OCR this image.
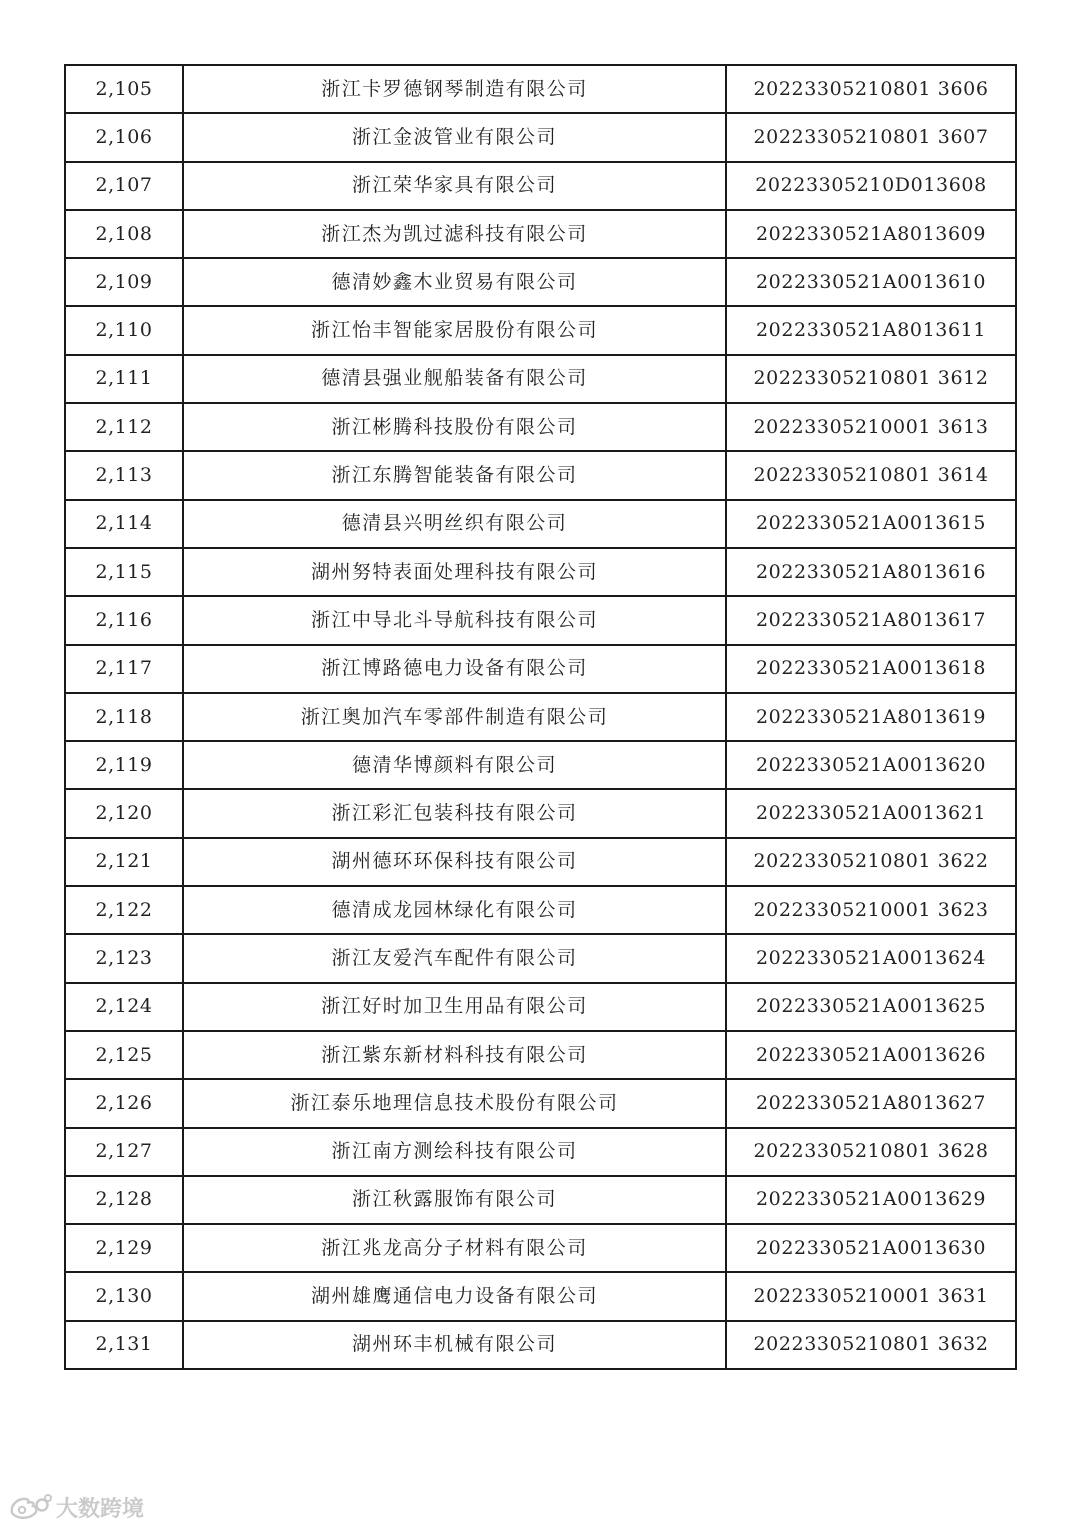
2,105	浙江卡罗德钢琴制造有限公司	20223305210801 3606
2,106	浙江金波管业有限公司	20223305210801 3607
2,107	浙江荣华家具有限公司	20223305210D013608
2,108	浙江杰为凯过滤科技有限公司	2022330521A8013609
2,109	德清妙鑫木业贸易有限公司	2022330521A0013610
2,110	浙江怡丰智能家居股份有限公司	2022330521A8013611
2,111	德清县强业舰船装备有限公司	20223305210801 3612
2,112	浙江彬腾科技股份有限公司	20223305210001 3613
2,113	浙江东腾智能装备有限公司	20223305210801 3614
2,114	德清县兴明丝织有限公司	2022330521A0013615
2,115	湖州努特表面处理科技有限公司	2022330521A8013616
2,116	浙江中导北斗导航科技有限公司	2022330521A8013617
2,117	浙江博路德电力设备有限公司	2022330521A0013618
2,118	浙江奥加汽车零部件制造有限公司	2022330521A8013619
2,119	德清华博颜料有限公司	2022330521A0013620
2,120	浙江彩汇包装科技有限公司	2022330521A0013621
2,121	湖州德环环保科技有限公司	20223305210801 3622
2,122	德清成龙园林绿化有限公司	20223305210001 3623
2,123	浙江友爱汽车配件有限公司	2022330521A0013624
2,124	浙江好时加卫生用品有限公司	2022330521A0013625
2,125	浙江紫东新材料科技有限公司	2022330521A0013626
2,126	浙江泰乐地理信息技术股份有限公司	2022330521A8013627
2,127	浙江南方测绘科技有限公司	20223305210801 3628
2,128	浙江秋露服饰有限公司	2022330521A0013629
2,129	浙江兆龙高分子材料有限公司	2022330521A0013630
2,130	湖州雄鹰通信电力设备有限公司	20223305210001 3631
2,131	湖州环丰机械有限公司	20223305210801 3632
大数跨境
